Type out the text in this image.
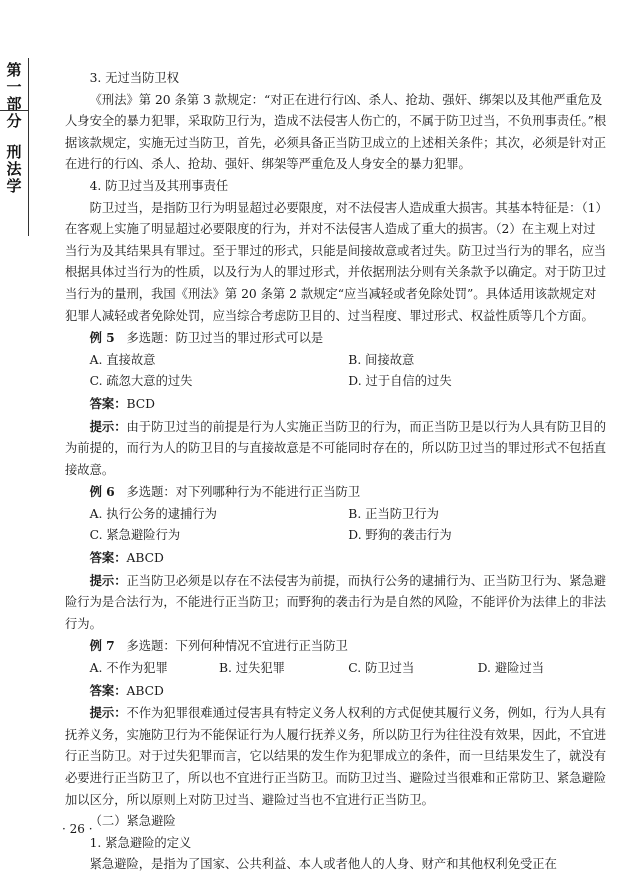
第一部分
刑法学

3. 无过当防卫权

《刑法》第 20 条第 3 款规定：“对正在进行行凶、杀人、抢劫、强奸、绑架以及其他严重危及人身安全的暴力犯罪，采取防卫行为，造成不法侵害人伤亡的，不属于防卫过当，不负刑事责任。”根据该款规定，实施无过当防卫，首先，必须具备正当防卫成立的上述相关条件；其次，必须是针对正在进行的行凶、杀人、抢劫、强奸、绑架等严重危及人身安全的暴力犯罪。

4. 防卫过当及其刑事责任

防卫过当，是指防卫行为明显超过必要限度，对不法侵害人造成重大损害。其基本特征是：（1）在客观上实施了明显超过必要限度的行为，并对不法侵害人造成了重大的损害。（2）在主观上对过当行为及其结果具有罪过。至于罪过的形式，只能是间接故意或者过失。防卫过当行为的罪名，应当根据具体过当行为的性质，以及行为人的罪过形式，并依据刑法分则有关条款予以确定。对于防卫过当行为的量刑，我国《刑法》第 20 条第 2 款规定“应当减轻或者免除处罚”。具体适用该款规定对犯罪人减轻或者免除处罚，应当综合考虑防卫目的、过当程度、罪过形式、权益性质等几个方面。

例 5 多选题：防卫过当的罪过形式可以是

A. 直接故意	B. 间接故意
C. 疏忽大意的过失	D. 过于自信的过失

答案：BCD

提示：由于防卫过当的前提是行为人实施正当防卫的行为，而正当防卫是以行为人具有防卫目的为前提的，而行为人的防卫目的与直接故意是不可能同时存在的，所以防卫过当的罪过形式不包括直接故意。

例 6 多选题：对下列哪种行为不能进行正当防卫

A. 执行公务的逮捕行为	B. 正当防卫行为
C. 紧急避险行为	D. 野狗的袭击行为

答案：ABCD

提示：正当防卫必须是以存在不法侵害为前提，而执行公务的逮捕行为、正当防卫行为、紧急避险行为是合法行为，不能进行正当防卫；而野狗的袭击行为是自然的风险，不能评价为法律上的非法行为。

例 7 多选题：下列何种情况不宜进行正当防卫

A. 不作为犯罪	B. 过失犯罪	C. 防卫过当	D. 避险过当

答案：ABCD

提示：不作为犯罪很难通过侵害具有特定义务人权利的方式促使其履行义务，例如，行为人具有抚养义务，实施防卫行为不能保证行为人履行抚养义务，所以防卫行为往往没有效果，因此，不宜进行正当防卫。对于过失犯罪而言，它以结果的发生作为犯罪成立的条件，而一旦结果发生了，就没有必要进行正当防卫了，所以也不宜进行正当防卫。而防卫过当、避险过当很难和正常防卫、紧急避险加以区分，所以原则上对防卫过当、避险过当也不宜进行正当防卫。

（二）紧急避险

1. 紧急避险的定义

紧急避险，是指为了国家、公共利益、本人或者他人的人身、财产和其他权利免受正在

· 26 ·
